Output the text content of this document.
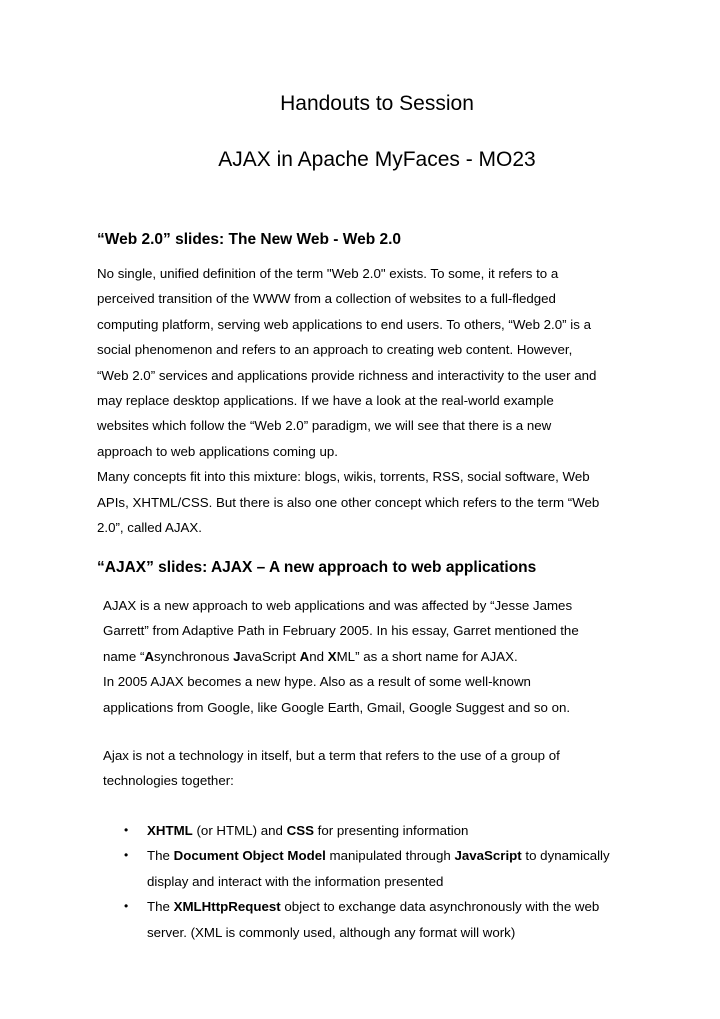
Handouts to Session
AJAX in Apache MyFaces - MO23
“Web 2.0” slides: The New Web - Web 2.0
No single, unified definition of the term "Web 2.0" exists. To some, it refers to a
perceived transition of the WWW from a collection of websites to a full-fledged
computing platform, serving web applications to end users. To others, “Web 2.0” is a
social phenomenon and refers to an approach to creating web content. However,
“Web 2.0” services and applications provide richness and interactivity to the user and
may replace desktop applications. If we have a look at the real-world example
websites which follow the “Web 2.0” paradigm, we will see that there is a new
approach to web applications coming up.
Many concepts fit into this mixture: blogs, wikis, torrents, RSS, social software, Web
APIs, XHTML/CSS. But there is also one other concept which refers to the term “Web
2.0”, called AJAX.
“AJAX” slides: AJAX – A new approach to web applications
AJAX is a new approach to web applications and was affected by “Jesse James
Garrett” from Adaptive Path in February 2005. In his essay, Garret mentioned the
name “Asynchronous JavaScript And XML” as a short name for AJAX.
In 2005 AJAX becomes a new hype. Also as a result of some well-known
applications from Google, like Google Earth, Gmail, Google Suggest and so on.
Ajax is not a technology in itself, but a term that refers to the use of a group of
technologies together:
• XHTML (or HTML) and CSS for presenting information
• The Document Object Model manipulated through JavaScript to dynamically
display and interact with the information presented
• The XMLHttpRequest object to exchange data asynchronously with the web
server. (XML is commonly used, although any format will work)
